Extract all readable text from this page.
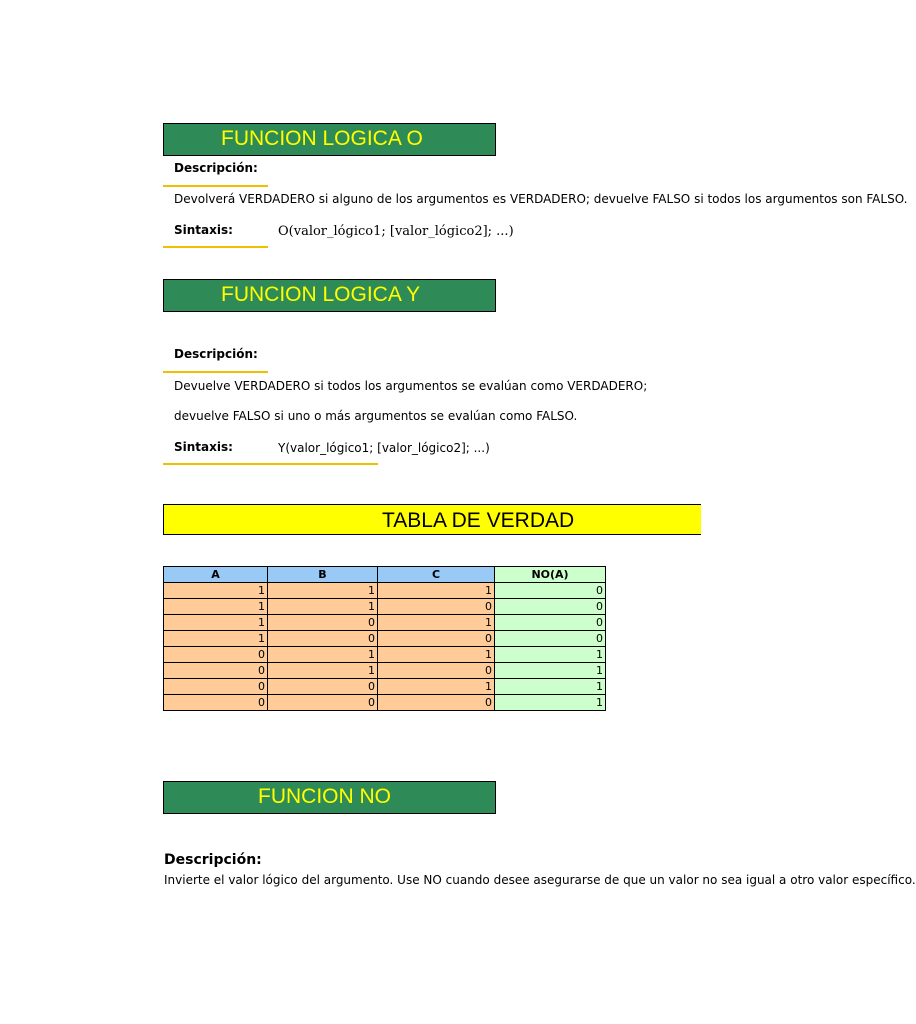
FUNCION LOGICA O
Descripción:
Devolverá VERDADERO si alguno de los argumentos es VERDADERO; devuelve FALSO si todos los argumentos son FALSO.
Sintaxis:	O(valor_lógico1; [valor_lógico2]; ...)
FUNCION LOGICA Y
Descripción:
Devuelve VERDADERO si todos los argumentos se evalúan como VERDADERO;
devuelve FALSO si uno o más argumentos se evalúan como FALSO.
Sintaxis:	Y(valor_lógico1; [valor_lógico2]; ...)
TABLA DE VERDAD
A	B	C	NO(A)
1	1	1	0
1	1	0	0
1	0	1	0
1	0	0	0
0	1	1	1
0	1	0	1
0	0	1	1
0	0	0	1
FUNCION NO
Descripción:
Invierte el valor lógico del argumento. Use NO cuando desee asegurarse de que un valor no sea igual a otro valor específico.
